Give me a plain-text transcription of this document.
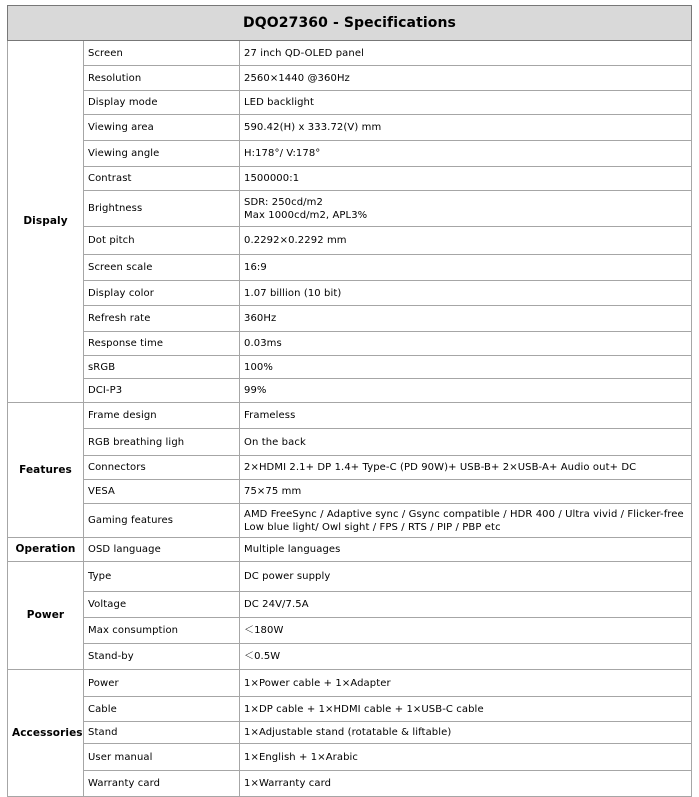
DQO27360 - Specifications		
Dispaly	Screen	27 inch QD-OLED panel
	Resolution	2560×1440 @360Hz
	Display mode	LED backlight
	Viewing area	590.42(H) x 333.72(V) mm
	Viewing angle	H:178°/ V:178°
	Contrast	1500000:1
	Brightness	SDR: 250cd/m2
Max 1000cd/m2, APL3%

	Dot pitch	0.2292×0.2292 mm
	Screen scale	16:9
	Display color	1.07 billion (10 bit)
	Refresh rate	360Hz
	Response time	0.03ms
	sRGB	100%
	DCI-P3	99%
Features	Frame design	Frameless
	RGB breathing ligh	On the back
	Connectors	2×HDMI 2.1+ DP 1.4+ Type-C (PD 90W)+ USB-B+ 2×USB-A+ Audio out+ DC
	VESA	75×75 mm
	Gaming features	AMD FreeSync / Adaptive sync / Gsync compatible / HDR 400 / Ultra vivid / Flicker-free
Low blue light/ Owl sight / FPS / RTS / PIP / PBP etc

Operation	OSD language	Multiple languages
Power	Type	DC power supply
	Voltage	DC 24V/7.5A
	Max consumption	＜180W
	Stand-by	＜0.5W
Accessories	Power	1×Power cable + 1×Adapter
	Cable	1×DP cable + 1×HDMI cable + 1×USB-C cable
	Stand	1×Adjustable stand (rotatable & liftable)
	User manual	1×English + 1×Arabic
	Warranty card	1×Warranty card
